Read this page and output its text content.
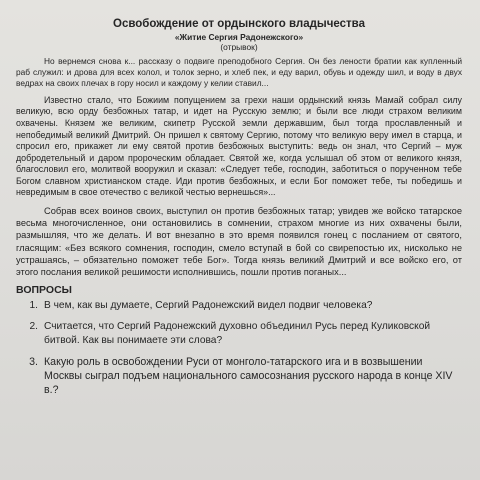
Освобождение от ордынского владычества
«Житие Сергия Радонежского»
(отрывок)

Но вернемся снова к... рассказу о подвиге преподобного Сергия. Он без лености братии как купленный раб служил: и дрова для всех колол, и толок зерно, и хлеб пек, и еду варил, обувь и одежду шил, и воду в двух ведрах на своих плечах в гору носил и каждому у келии ставил...

Известно стало, что Божиим попущением за грехи наши ордынский князь Мамай собрал силу великую, всю орду безбожных татар, и идет на Русскую землю; и были все люди страхом великим охвачены. Князем же великим, скипетр Русской земли державшим, был тогда прославленный и непобедимый великий Дмитрий. Он пришел к святому Сергию, потому что великую веру имел в старца, и спросил его, прикажет ли ему святой против безбожных выступить: ведь он знал, что Сергий – муж добродетельный и даром пророческим обладает. Святой же, когда услышал об этом от великого князя, благословил его, молитвой вооружил и сказал: «Следует тебе, господин, заботиться о порученном тебе Богом славном христианском стаде. Иди против безбожных, и если Бог поможет тебе, ты победишь и невредимым в свое отечество с великой честью вернешься»...

Собрав всех воинов своих, выступил он против безбожных татар; увидев же войско татарское весьма многочисленное, они остановились в сомнении, страхом многие из них охвачены были, размышляя, что же делать. И вот внезапно в это время появился гонец с посланием от святого, гласящим: «Без всякого сомнения, господин, смело вступай в бой со свирепостью их, нисколько не устрашаясь, – обязательно поможет тебе Бог». Тогда князь великий Дмитрий и все войско его, от этого послания великой решимости исполнившись, пошли против поганых...

ВОПРОСЫ
1. В чем, как вы думаете, Сергий Радонежский видел подвиг человека?
2. Считается, что Сергий Радонежский духовно объединил Русь перед Куликовской битвой. Как вы понимаете эти слова?
3. Какую роль в освобождении Руси от монголо-татарского ига и в возвышении Москвы сыграл подъем национального самосознания русского народа в конце XIV в.?
